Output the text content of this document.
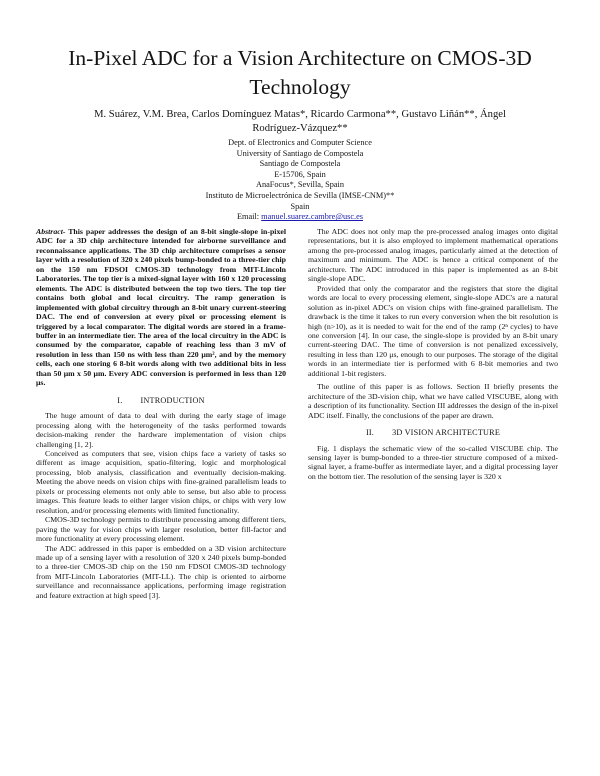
In-Pixel ADC for a Vision Architecture on CMOS-3D Technology
M. Suárez, V.M. Brea, Carlos Domínguez Matas*, Ricardo Carmona**, Gustavo Liñán**, Ángel Rodríguez-Vázquez**
Dept. of Electronics and Computer Science
University of Santiago de Compostela
Santiago de Compostela
E-15706, Spain
AnaFocus*, Sevilla, Spain
Instituto de Microelectrónica de Sevilla (IMSE-CNM)**
Spain
Email: manuel.suarez.cambre@usc.es

Abstract- This paper addresses the design of an 8-bit single-slope in-pixel ADC for a 3D chip architecture intended for airborne surveillance and reconnaissance applications. The 3D chip architecture comprises a sensor layer with a resolution of 320 x 240 pixels bump-bonded to a three-tier chip on the 150 nm FDSOI CMOS-3D technology from MIT-Lincoln Laboratories. The top tier is a mixed-signal layer with 160 x 120 processing elements. The ADC is distributed between the top two tiers. The top tier contains both global and local circuitry. The ramp generation is implemented with global circuitry through an 8-bit unary current-steering DAC. The end of conversion at every pixel or processing element is triggered by a local comparator. The digital words are stored in a frame-buffer in an intermediate tier. The area of the local circuitry in the ADC is consumed by the comparator, capable of reaching less than 3 mV of resolution in less than 150 ns with less than 220 μm², and by the memory cells, each one storing 6 8-bit words along with two additional bits in less than 50 μm x 50 μm. Every ADC conversion is performed in less than 120 μs.

I. INTRODUCTION

The huge amount of data to deal with during the early stage of image processing along with the heterogeneity of the tasks performed towards decision-making render the hardware implementation of vision chips challenging [1, 2].

Conceived as computers that see, vision chips face a variety of tasks so different as image acquisition, spatio-filtering, logic and morphological processing, blob analysis, classification and eventually decision-making. Meeting the above needs on vision chips with fine-grained parallelism leads to pixels or processing elements not only able to sense, but also able to process images. This feature leads to either larger vision chips, or chips with very low resolution, and/or processing elements with limited functionality.

CMOS-3D technology permits to distribute processing among different tiers, paving the way for vision chips with larger resolution, better fill-factor and more functionality at every processing element.

The ADC addressed in this paper is embedded on a 3D vision architecture made up of a sensing layer with a resolution of 320 x 240 pixels bump-bonded to a three-tier CMOS-3D chip on the 150 nm FDSOI CMOS-3D technology from MIT-Lincoln Laboratories (MIT-LL). The chip is oriented to airborne surveillance and reconnaissance applications, performing image registration and feature extraction at high speed [3].

The ADC does not only map the pre-processed analog images onto digital representations, but it is also employed to implement mathematical operations among the pre-processed analog images, particularly aimed at the detection of maximum and minimum. The ADC is hence a critical component of the architecture. The ADC introduced in this paper is implemented as an 8-bit single-slope ADC.

Provided that only the comparator and the registers that store the digital words are local to every processing element, single-slope ADC's are a natural solution as in-pixel ADC's on vision chips with fine-grained parallelism. The drawback is the time it takes to run every conversion when the bit resolution is high (n>10), as it is needed to wait for the end of the ramp (2ⁿ cycles) to have one conversion [4]. In our case, the single-slope is provided by an 8-bit unary current-steering DAC. The time of conversion is not penalized excessively, resulting in less than 120 μs, enough to our purposes. The storage of the digital words in an intermediate tier is performed with 6 8-bit memories and two additional 1-bit registers.

The outline of this paper is as follows. Section II briefly presents the architecture of the 3D-vision chip, what we have called VISCUBE, along with a description of its functionality. Section III addresses the design of the in-pixel ADC itself. Finally, the conclusions of the paper are drawn.

II. 3D VISION ARCHITECTURE

Fig. 1 displays the schematic view of the so-called VISCUBE chip. The sensing layer is bump-bonded to a three-tier structure composed of a mixed-signal layer, a frame-buffer as intermediate layer, and a digital processing layer on the bottom tier. The resolution of the sensing layer is 320 x
